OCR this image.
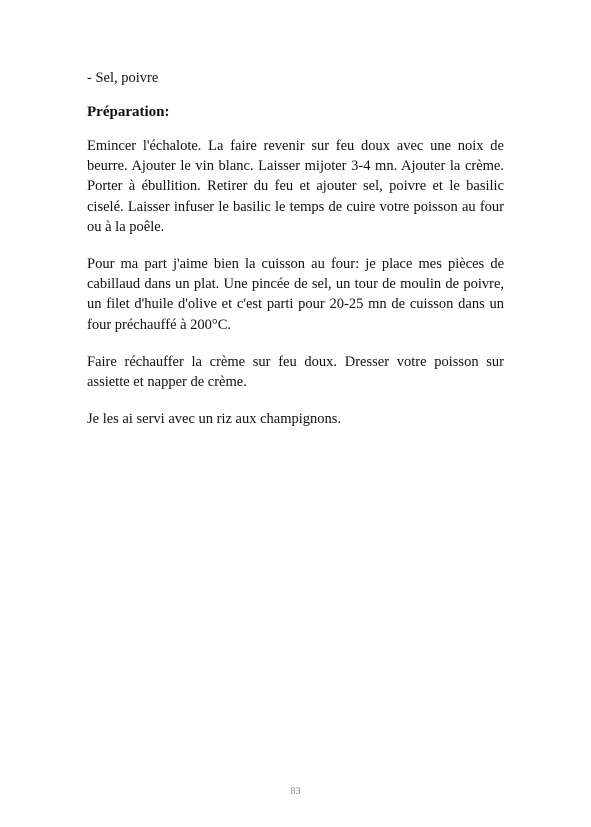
- Sel, poivre

Préparation:

Emincer l'échalote. La faire revenir sur feu doux avec une noix de beurre. Ajouter le vin blanc. Laisser mijoter 3-4 mn. Ajouter la crème. Porter à ébullition. Retirer du feu et ajouter sel, poivre et le basilic ciselé. Laisser infuser le basilic le temps de cuire votre poisson au four ou à la poêle.

Pour ma part j'aime bien la cuisson au four: je place mes pièces de cabillaud dans un plat. Une pincée de sel, un tour de moulin de poivre, un filet d'huile d'olive et c'est parti pour 20-25 mn de cuisson dans un four préchauffé à 200°C.

Faire réchauffer la crème sur feu doux. Dresser votre poisson sur assiette et napper de crème.

Je les ai servi avec un riz aux champignons.

83
